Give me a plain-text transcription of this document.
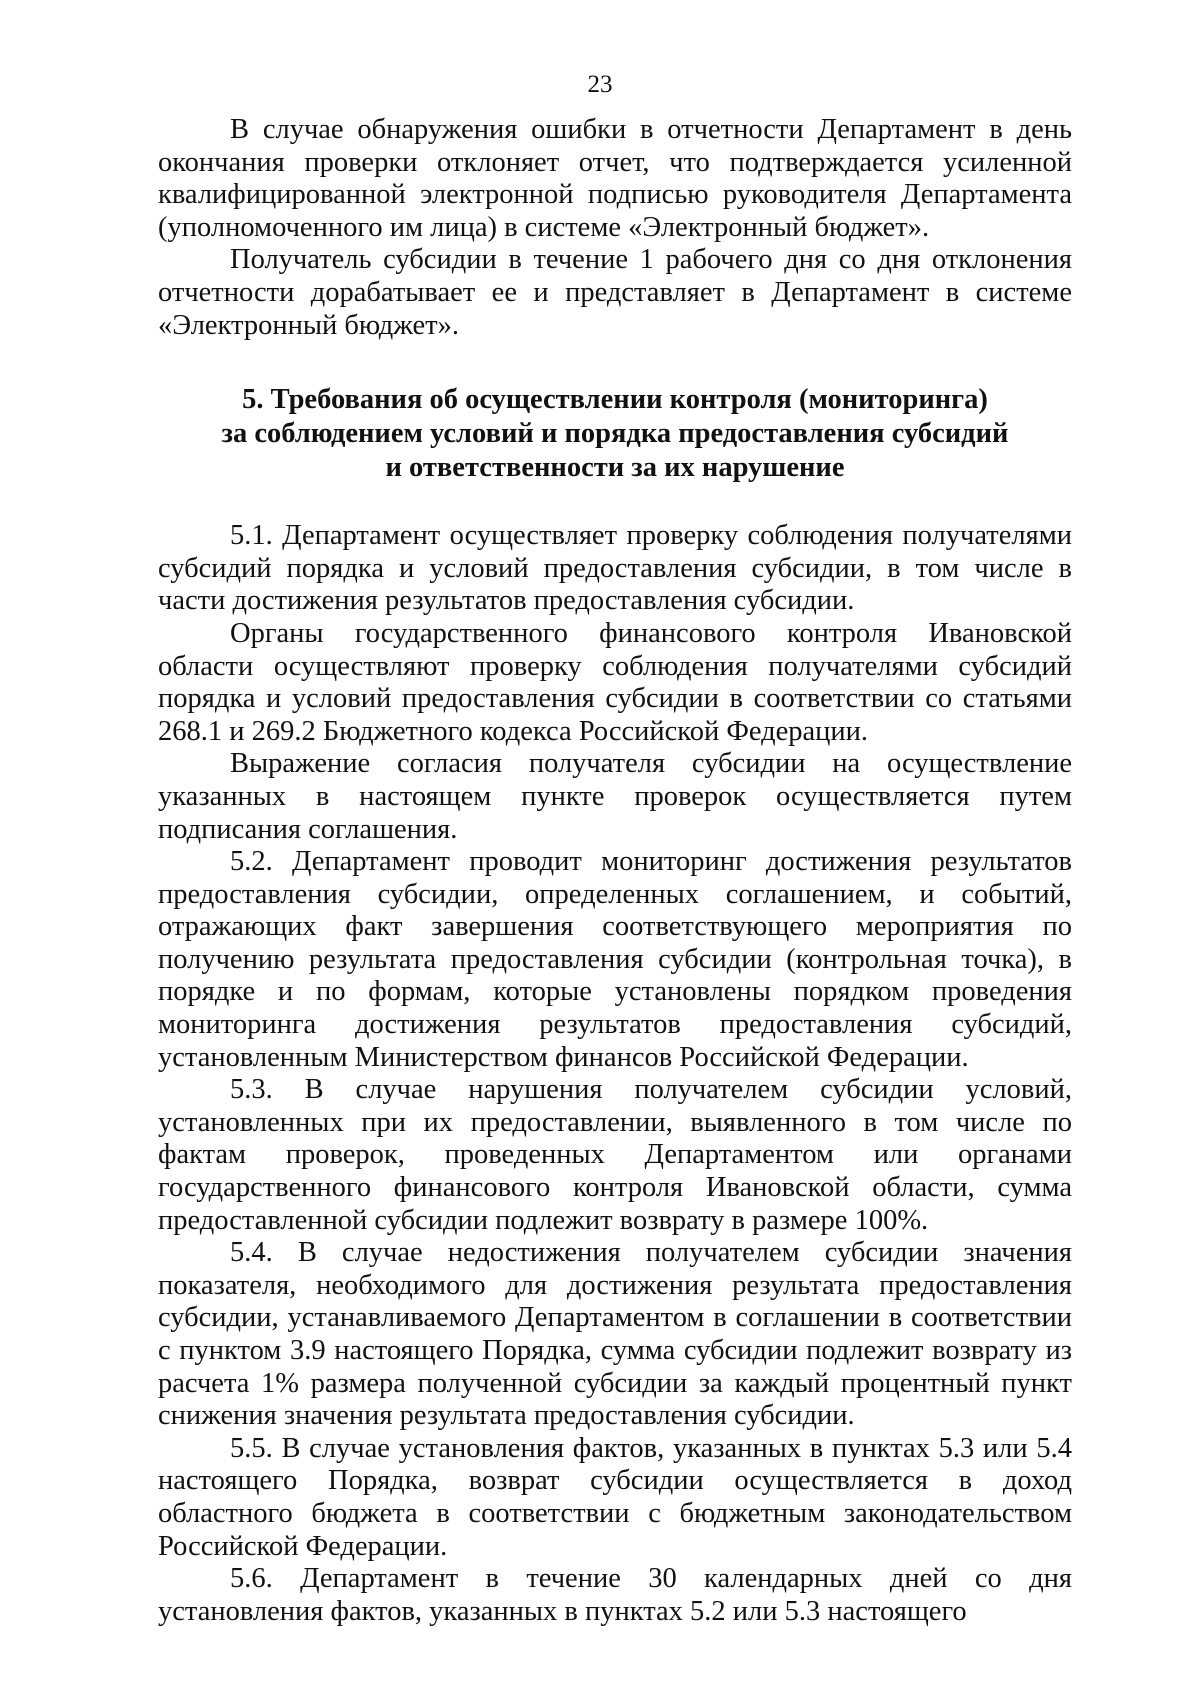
23

В случае обнаружения ошибки в отчетности Департамент в день окончания проверки отклоняет отчет, что подтверждается усиленной квалифицированной электронной подписью руководителя Департамента (уполномоченного им лица) в системе «Электронный бюджет».

Получатель субсидии в течение 1 рабочего дня со дня отклонения отчетности дорабатывает ее и представляет в Департамент в системе «Электронный бюджет».

5. Требования об осуществлении контроля (мониторинга)
за соблюдением условий и порядка предоставления субсидий
и ответственности за их нарушение

5.1. Департамент осуществляет проверку соблюдения получателями субсидий порядка и условий предоставления субсидии, в том числе в части достижения результатов предоставления субсидии.

Органы государственного финансового контроля Ивановской области осуществляют проверку соблюдения получателями субсидий порядка и условий предоставления субсидии в соответствии со статьями 268.1 и 269.2 Бюджетного кодекса Российской Федерации.

Выражение согласия получателя субсидии на осуществление указанных в настоящем пункте проверок осуществляется путем подписания соглашения.

5.2. Департамент проводит мониторинг достижения результатов предоставления субсидии, определенных соглашением, и событий, отражающих факт завершения соответствующего мероприятия по получению результата предоставления субсидии (контрольная точка), в порядке и по формам, которые установлены порядком проведения мониторинга достижения результатов предоставления субсидий, установленным Министерством финансов Российской Федерации.

5.3. В случае нарушения получателем субсидии условий, установленных при их предоставлении, выявленного в том числе по фактам проверок, проведенных Департаментом или органами государственного финансового контроля Ивановской области, сумма предоставленной субсидии подлежит возврату в размере 100%.

5.4. В случае недостижения получателем субсидии значения показателя, необходимого для достижения результата предоставления субсидии, устанавливаемого Департаментом в соглашении в соответствии с пунктом 3.9 настоящего Порядка, сумма субсидии подлежит возврату из расчета 1% размера полученной субсидии за каждый процентный пункт снижения значения результата предоставления субсидии.

5.5. В случае установления фактов, указанных в пунктах 5.3 или 5.4 настоящего Порядка, возврат субсидии осуществляется в доход областного бюджета в соответствии с бюджетным законодательством Российской Федерации.

5.6. Департамент в течение 30 календарных дней со дня установления фактов, указанных в пунктах 5.2 или 5.3 настоящего
